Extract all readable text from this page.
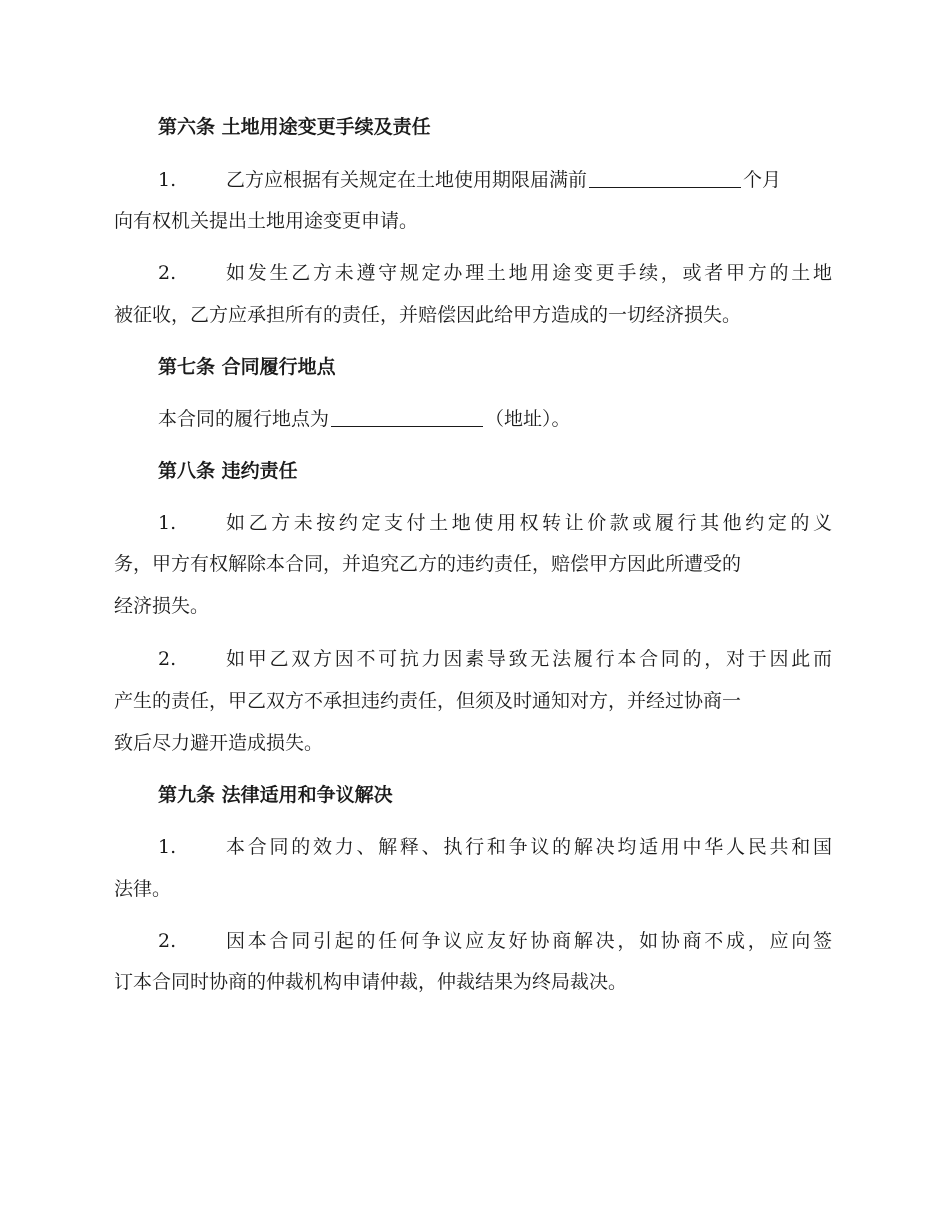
第六条 土地用途变更手续及责任
1.	乙方应根据有关规定在土地使用期限届满前	个月
向有权机关提出土地用途变更申请。
2.	如发生乙方未遵守规定办理土地用途变更手续，或者甲方的土地
被征收，乙方应承担所有的责任，并赔偿因此给甲方造成的一切经济损失。
第七条 合同履行地点
本合同的履行地点为	（地址）。
第八条 违约责任
1.	如乙方未按约定支付土地使用权转让价款或履行其他约定的义
务，甲方有权解除本合同，并追究乙方的违约责任，赔偿甲方因此所遭受的
经济损失。
2.	如甲乙双方因不可抗力因素导致无法履行本合同的，对于因此而
产生的责任，甲乙双方不承担违约责任，但须及时通知对方，并经过协商一
致后尽力避开造成损失。
第九条 法律适用和争议解决
1.	本合同的效力、解释、执行和争议的解决均适用中华人民共和国
法律。
2.	因本合同引起的任何争议应友好协商解决，如协商不成，应向签
订本合同时协商的仲裁机构申请仲裁，仲裁结果为终局裁决。
